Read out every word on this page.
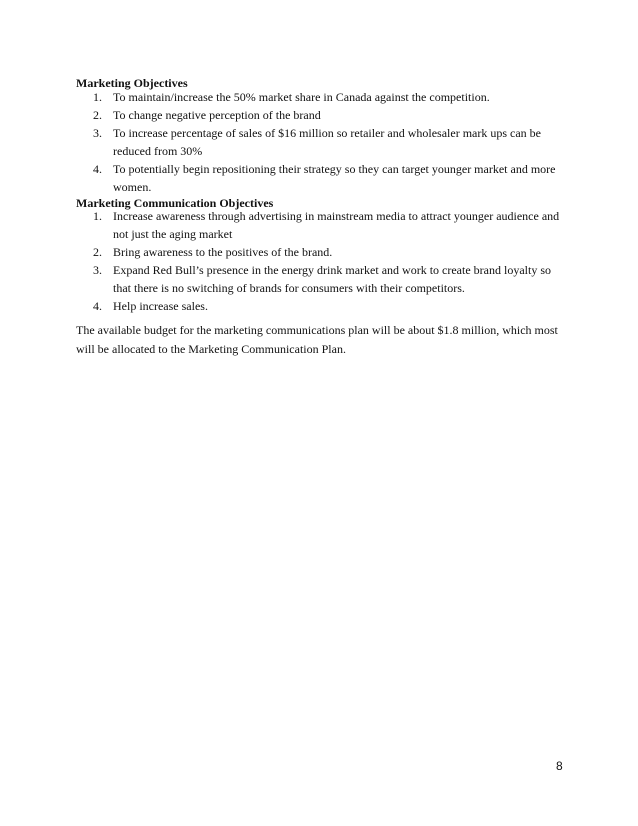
Marketing Objectives
1. To maintain/increase the 50% market share in Canada against the competition.
2. To change negative perception of the brand
3. To increase percentage of sales of $16 million so retailer and wholesaler mark ups can be reduced from 30%
4. To potentially begin repositioning their strategy so they can target younger market and more women.
Marketing Communication Objectives
1. Increase awareness through advertising in mainstream media to attract younger audience and not just the aging market
2. Bring awareness to the positives of the brand.
3. Expand Red Bull’s presence in the energy drink market and work to create brand loyalty so that there is no switching of brands for consumers with their competitors.
4. Help increase sales.
The available budget for the marketing communications plan will be about $1.8 million, which most will be allocated to the Marketing Communication Plan.
8
